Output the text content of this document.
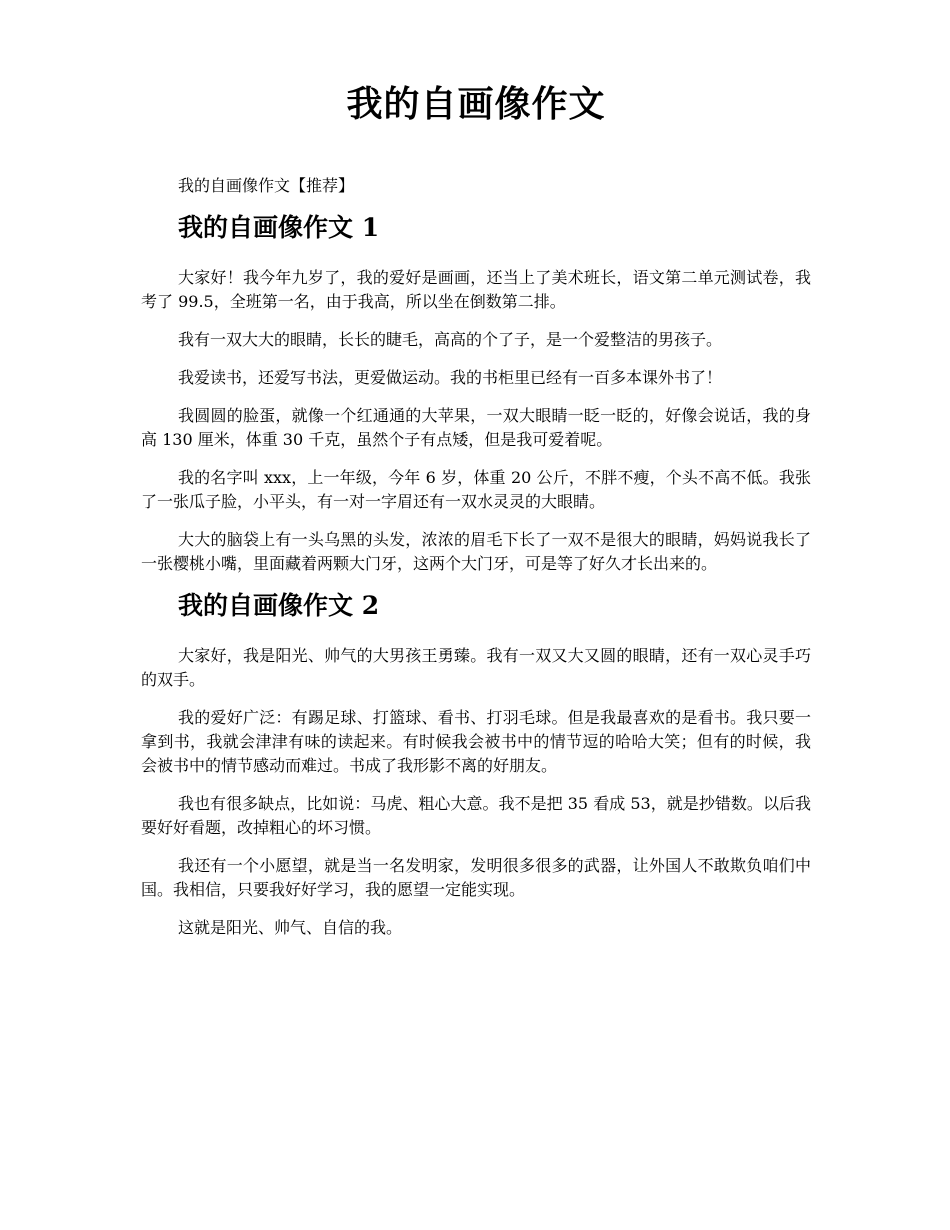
我的自画像作文

我的自画像作文【推荐】

我的自画像作文 1

大家好！我今年九岁了，我的爱好是画画，还当上了美术班长，语文第二单元测试卷，我考了 99.5，全班第一名，由于我高，所以坐在倒数第二排。

我有一双大大的眼睛，长长的睫毛，高高的个了子，是一个爱整洁的男孩子。

我爱读书，还爱写书法，更爱做运动。我的书柜里已经有一百多本课外书了！

我圆圆的脸蛋，就像一个红通通的大苹果，一双大眼睛一眨一眨的，好像会说话，我的身高 130 厘米，体重 30 千克，虽然个子有点矮，但是我可爱着呢。

我的名字叫 xxx，上一年级，今年 6 岁，体重 20 公斤，不胖不瘦，个头不高不低。我张了一张瓜子脸，小平头，有一对一字眉还有一双水灵灵的大眼睛。

大大的脑袋上有一头乌黑的头发，浓浓的眉毛下长了一双不是很大的眼睛，妈妈说我长了一张樱桃小嘴，里面藏着两颗大门牙，这两个大门牙，可是等了好久才长出来的。

我的自画像作文 2

大家好，我是阳光、帅气的大男孩王勇臻。我有一双又大又圆的眼睛，还有一双心灵手巧的双手。

我的爱好广泛：有踢足球、打篮球、看书、打羽毛球。但是我最喜欢的是看书。我只要一拿到书，我就会津津有味的读起来。有时候我会被书中的情节逗的哈哈大笑；但有的时候，我会被书中的情节感动而难过。书成了我形影不离的好朋友。

我也有很多缺点，比如说：马虎、粗心大意。我不是把 35 看成 53，就是抄错数。以后我要好好看题，改掉粗心的坏习惯。

我还有一个小愿望，就是当一名发明家，发明很多很多的武器，让外国人不敢欺负咱们中国。我相信，只要我好好学习，我的愿望一定能实现。

这就是阳光、帅气、自信的我。
